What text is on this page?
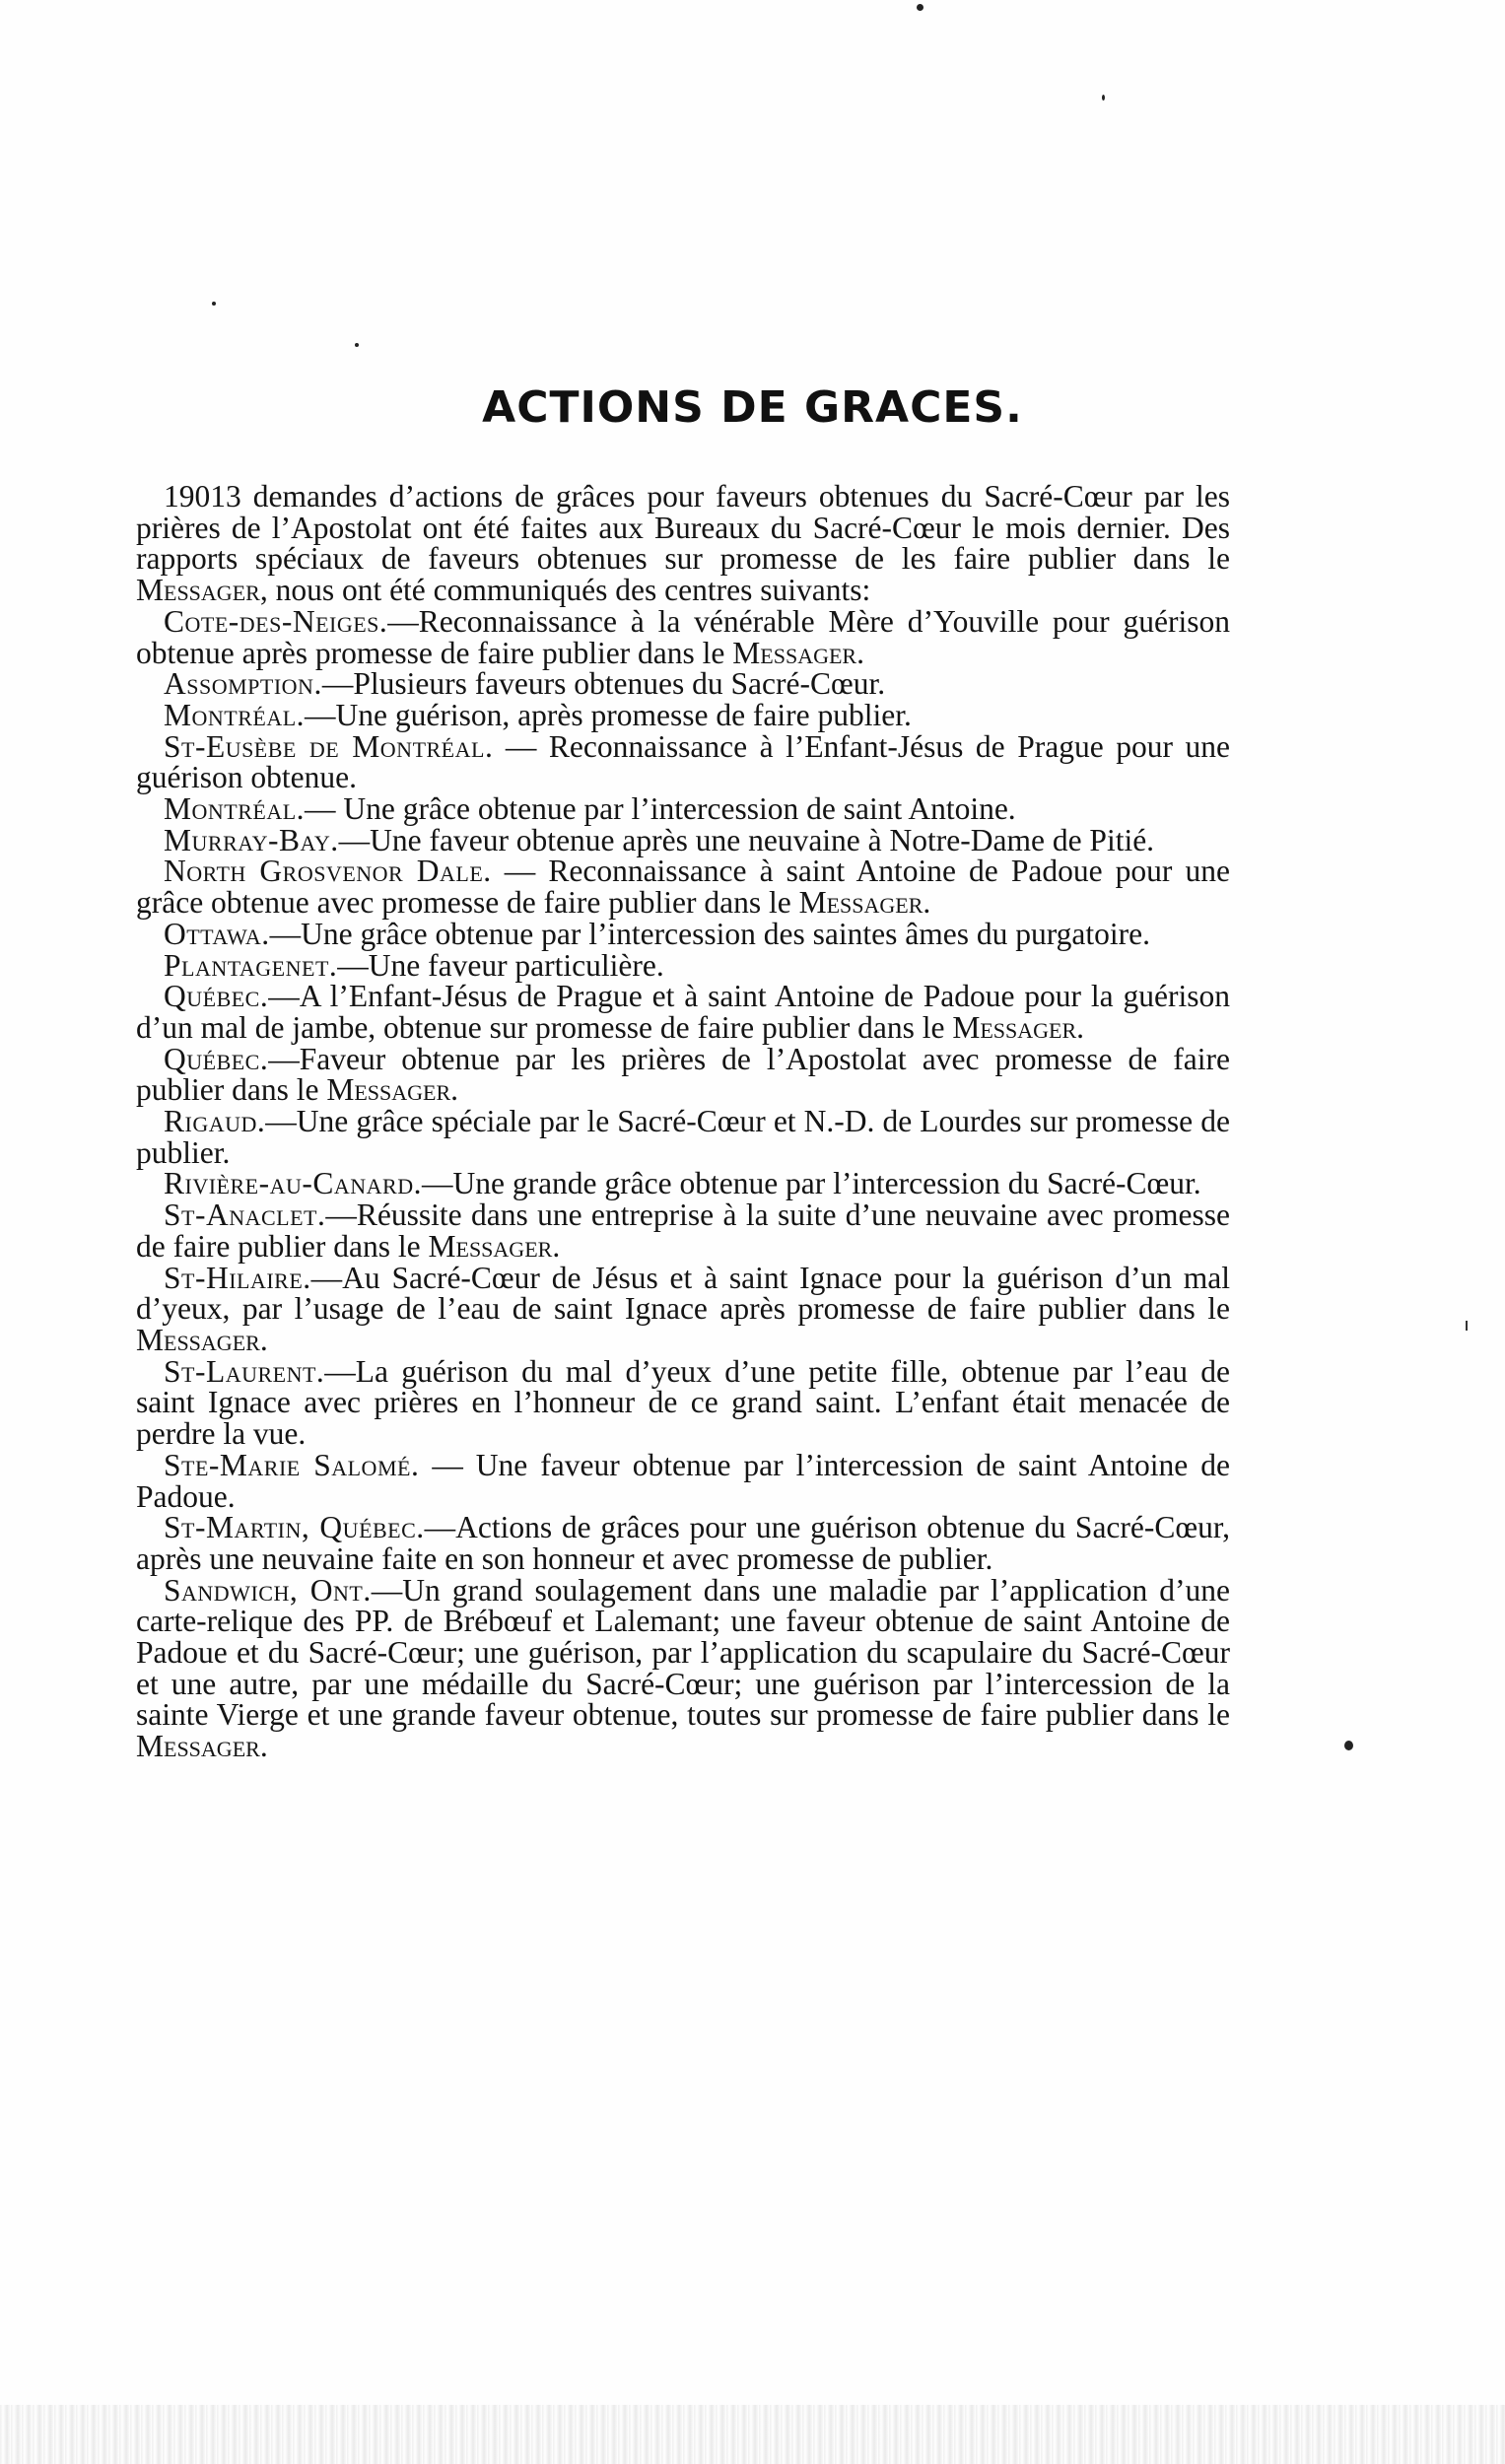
ACTIONS DE GRACES.

19013 demandes d’actions de grâces pour faveurs obtenues du Sacré-Cœur par les prières de l’Apostolat ont été faites aux Bureaux du Sacré-Cœur le mois dernier. Des rapports spéciaux de faveurs obtenues sur promesse de les faire publier dans le Messager, nous ont été communiqués des centres suivants:

Cote-des-Neiges.—Reconnaissance à la vénérable Mère d’Youville pour guérison obtenue après promesse de faire publier dans le Messager.

Assomption.—Plusieurs faveurs obtenues du Sacré-Cœur.

Montréal.—Une guérison, après promesse de faire publier.

St-Eusèbe de Montréal. — Reconnaissance à l’Enfant-Jésus de Prague pour une guérison obtenue.

Montréal.— Une grâce obtenue par l’intercession de saint Antoine.

Murray-Bay.—Une faveur obtenue après une neuvaine à Notre-Dame de Pitié.

North Grosvenor Dale. — Reconnaissance à saint Antoine de Padoue pour une grâce obtenue avec promesse de faire publier dans le Messager.

Ottawa.—Une grâce obtenue par l’intercession des saintes âmes du purgatoire.

Plantagenet.—Une faveur particulière.

Québec.—A l’Enfant-Jésus de Prague et à saint Antoine de Padoue pour la guérison d’un mal de jambe, obtenue sur promesse de faire publier dans le Messager.

Québec.—Faveur obtenue par les prières de l’Apostolat avec promesse de faire publier dans le Messager.

Rigaud.—Une grâce spéciale par le Sacré-Cœur et N.-D. de Lourdes sur promesse de publier.

Rivière-au-Canard.—Une grande grâce obtenue par l’intercession du Sacré-Cœur.

St-Anaclet.—Réussite dans une entreprise à la suite d’une neuvaine avec promesse de faire publier dans le Messager.

St-Hilaire.—Au Sacré-Cœur de Jésus et à saint Ignace pour la guérison d’un mal d’yeux, par l’usage de l’eau de saint Ignace après promesse de faire publier dans le Messager.

St-Laurent.—La guérison du mal d’yeux d’une petite fille, obtenue par l’eau de saint Ignace avec prières en l’honneur de ce grand saint. L’enfant était menacée de perdre la vue.

Ste-Marie Salomé. — Une faveur obtenue par l’intercession de saint Antoine de Padoue.

St-Martin, Québec.—Actions de grâces pour une guérison obtenue du Sacré-Cœur, après une neuvaine faite en son honneur et avec promesse de publier.

Sandwich, Ont.—Un grand soulagement dans une maladie par l’application d’une carte-relique des PP. de Brébœuf et Lalemant; une faveur obtenue de saint Antoine de Padoue et du Sacré-Cœur; une guérison, par l’application du scapulaire du Sacré-Cœur et une autre, par une médaille du Sacré-Cœur; une guérison par l’intercession de la sainte Vierge et une grande faveur obtenue, toutes sur promesse de faire publier dans le Messager.
